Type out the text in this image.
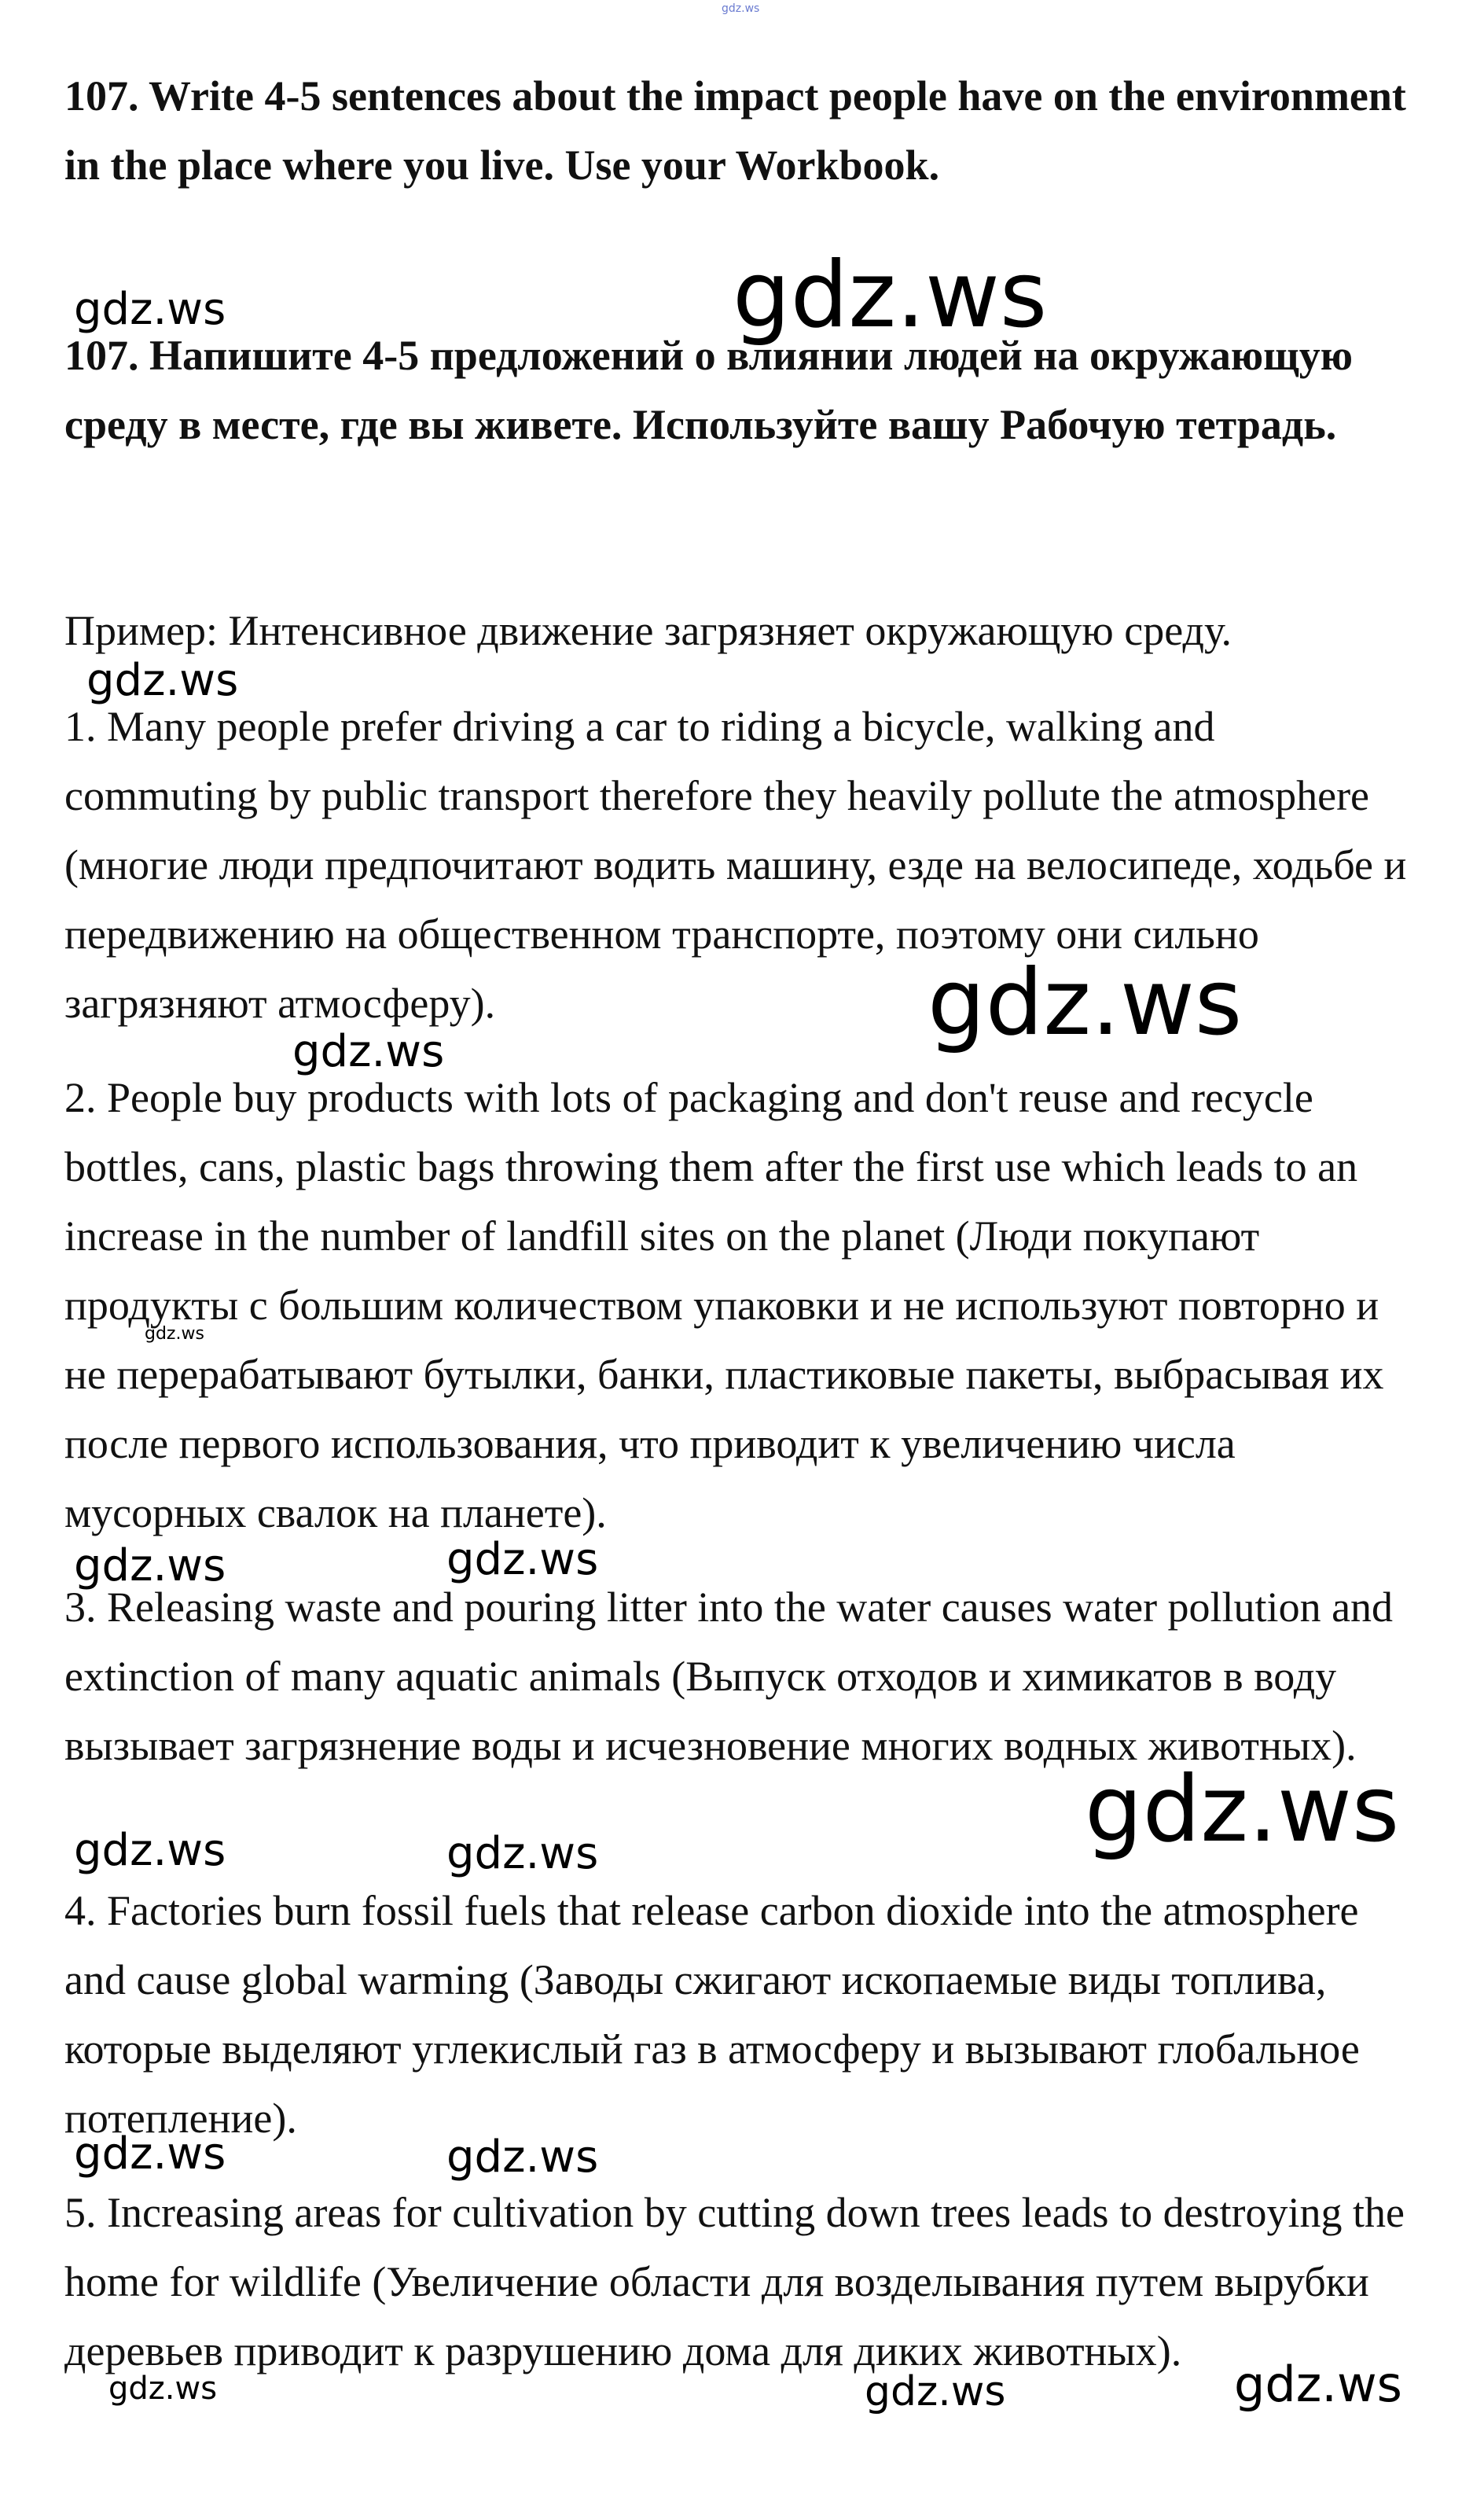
gdz.ws
107. Write 4-5 sentences about the impact people have on the environment in the place where you live. Use your Workbook.
gdz.ws	gdz.ws
107. Напишите 4-5 предложений о влиянии людей на окружающую среду в месте, где вы живете. Используйте вашу Рабочую тетрадь.
Пример: Интенсивное движение загрязняет окружающую среду.
gdz.ws
1. Many people prefer driving a car to riding a bicycle, walking and commuting by public transport therefore they heavily pollute the atmosphere (многие люди предпочитают водить машину, езде на велосипеде, ходьбе и передвижению на общественном транспорте, поэтому они сильно загрязняют атмосферу).	gdz.ws
gdz.ws
2. People buy products with lots of packaging and don't reuse and recycle bottles, cans, plastic bags throwing them after the first use which leads to an increase in the number of landfill sites on the planet (Люди покупают продукты с большим количеством упаковки и не используют повторно и не перерабатывают бутылки, банки, пластиковые пакеты, выбрасывая их после первого использования, что приводит к увеличению числа мусорных свалок на планете).
gdz.ws
gdz.ws	gdz.ws
3. Releasing waste and pouring litter into the water causes water pollution and extinction of many aquatic animals (Выпуск отходов и химикатов в воду вызывает загрязнение воды и исчезновение многих водных животных).
gdz.ws
gdz.ws	gdz.ws
4. Factories burn fossil fuels that release carbon dioxide into the atmosphere and cause global warming (Заводы сжигают ископаемые виды топлива, которые выделяют углекислый газ в атмосферу и вызывают глобальное потепление).
gdz.ws	gdz.ws
5. Increasing areas for cultivation by cutting down trees leads to destroying the home for wildlife (Увеличение области для возделывания путем вырубки деревьев приводит к разрушению дома для диких животных).
gdz.ws	gdz.ws	gdz.ws
